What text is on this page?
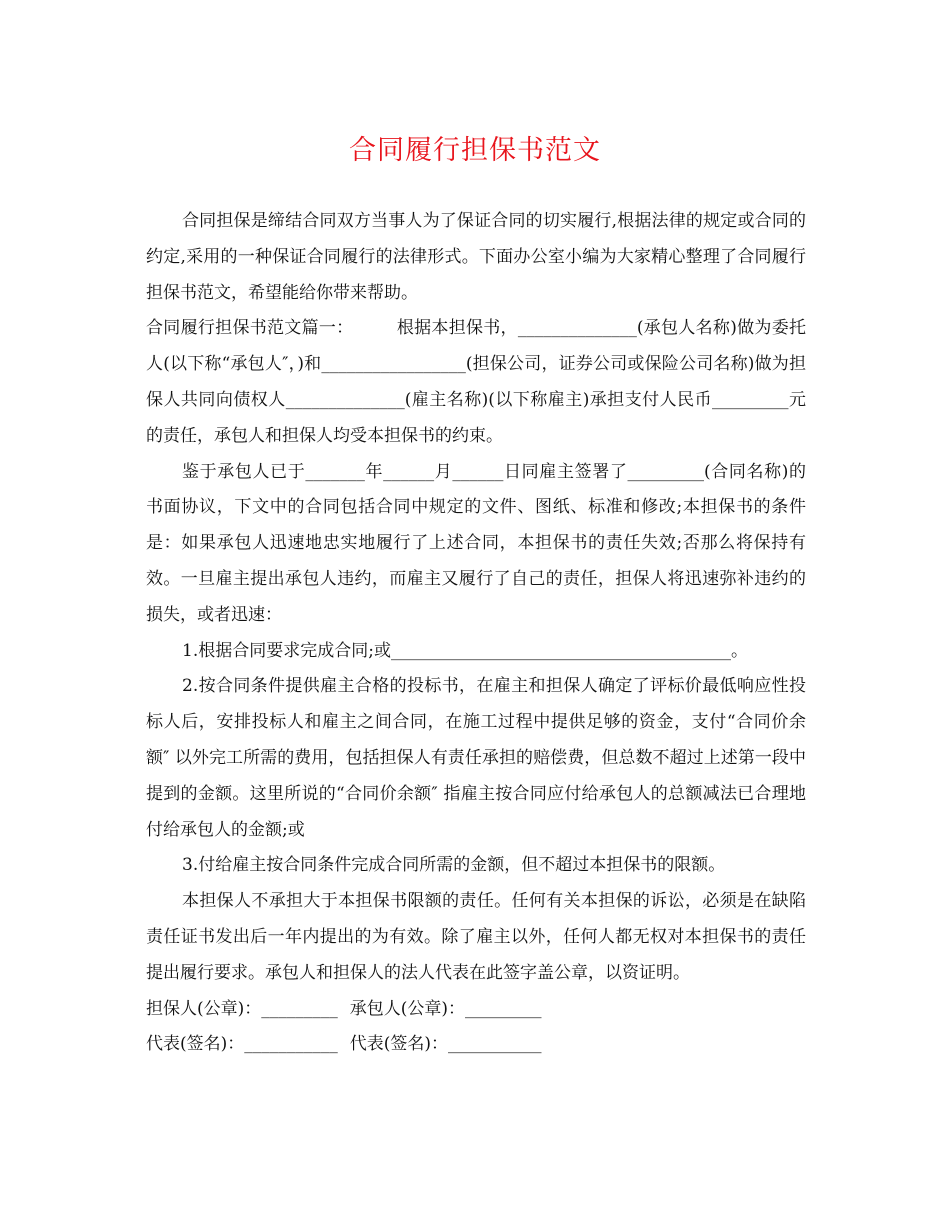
合同履行担保书范文

合同担保是缔结合同双方当事人为了保证合同的切实履行,根据法律的规定或合同的约定,采用的一种保证合同履行的法律形式。下面办公室小编为大家精心整理了合同履行担保书范文，希望能给你带来帮助。

合同履行担保书范文篇一：　　　根据本担保书，______________(承包人名称)做为委托人(以下称“承包人″，)和_________________(担保公司，证券公司或保险公司名称)做为担保人共同向债权人______________(雇主名称)(以下称雇主)承担支付人民币_________元的责任，承包人和担保人均受本担保书的约束。

鉴于承包人已于_______年______月______日同雇主签署了_________(合同名称)的书面协议，下文中的合同包括合同中规定的文件、图纸、标准和修改;本担保书的条件是：如果承包人迅速地忠实地履行了上述合同，本担保书的责任失效;否那么将保持有效。一旦雇主提出承包人违约，而雇主又履行了自己的责任，担保人将迅速弥补违约的损失，或者迅速：

1.根据合同要求完成合同;或________________________________________。

2.按合同条件提供雇主合格的投标书，在雇主和担保人确定了评标价最低响应性投标人后，安排投标人和雇主之间合同，在施工过程中提供足够的资金，支付“合同价余额″ 以外完工所需的费用，包括担保人有责任承担的赔偿费，但总数不超过上述第一段中提到的金额。这里所说的“合同价余额″ 指雇主按合同应付给承包人的总额减法已合理地付给承包人的金额;或

3.付给雇主按合同条件完成合同所需的金额，但不超过本担保书的限额。

本担保人不承担大于本担保书限额的责任。任何有关本担保的诉讼，必须是在缺陷责任证书发出后一年内提出的为有效。除了雇主以外，任何人都无权对本担保书的责任提出履行要求。承包人和担保人的法人代表在此签字盖公章，以资证明。

担保人(公章)：_________ 承包人(公章)：_________

代表(签名)：___________ 代表(签名)：___________
